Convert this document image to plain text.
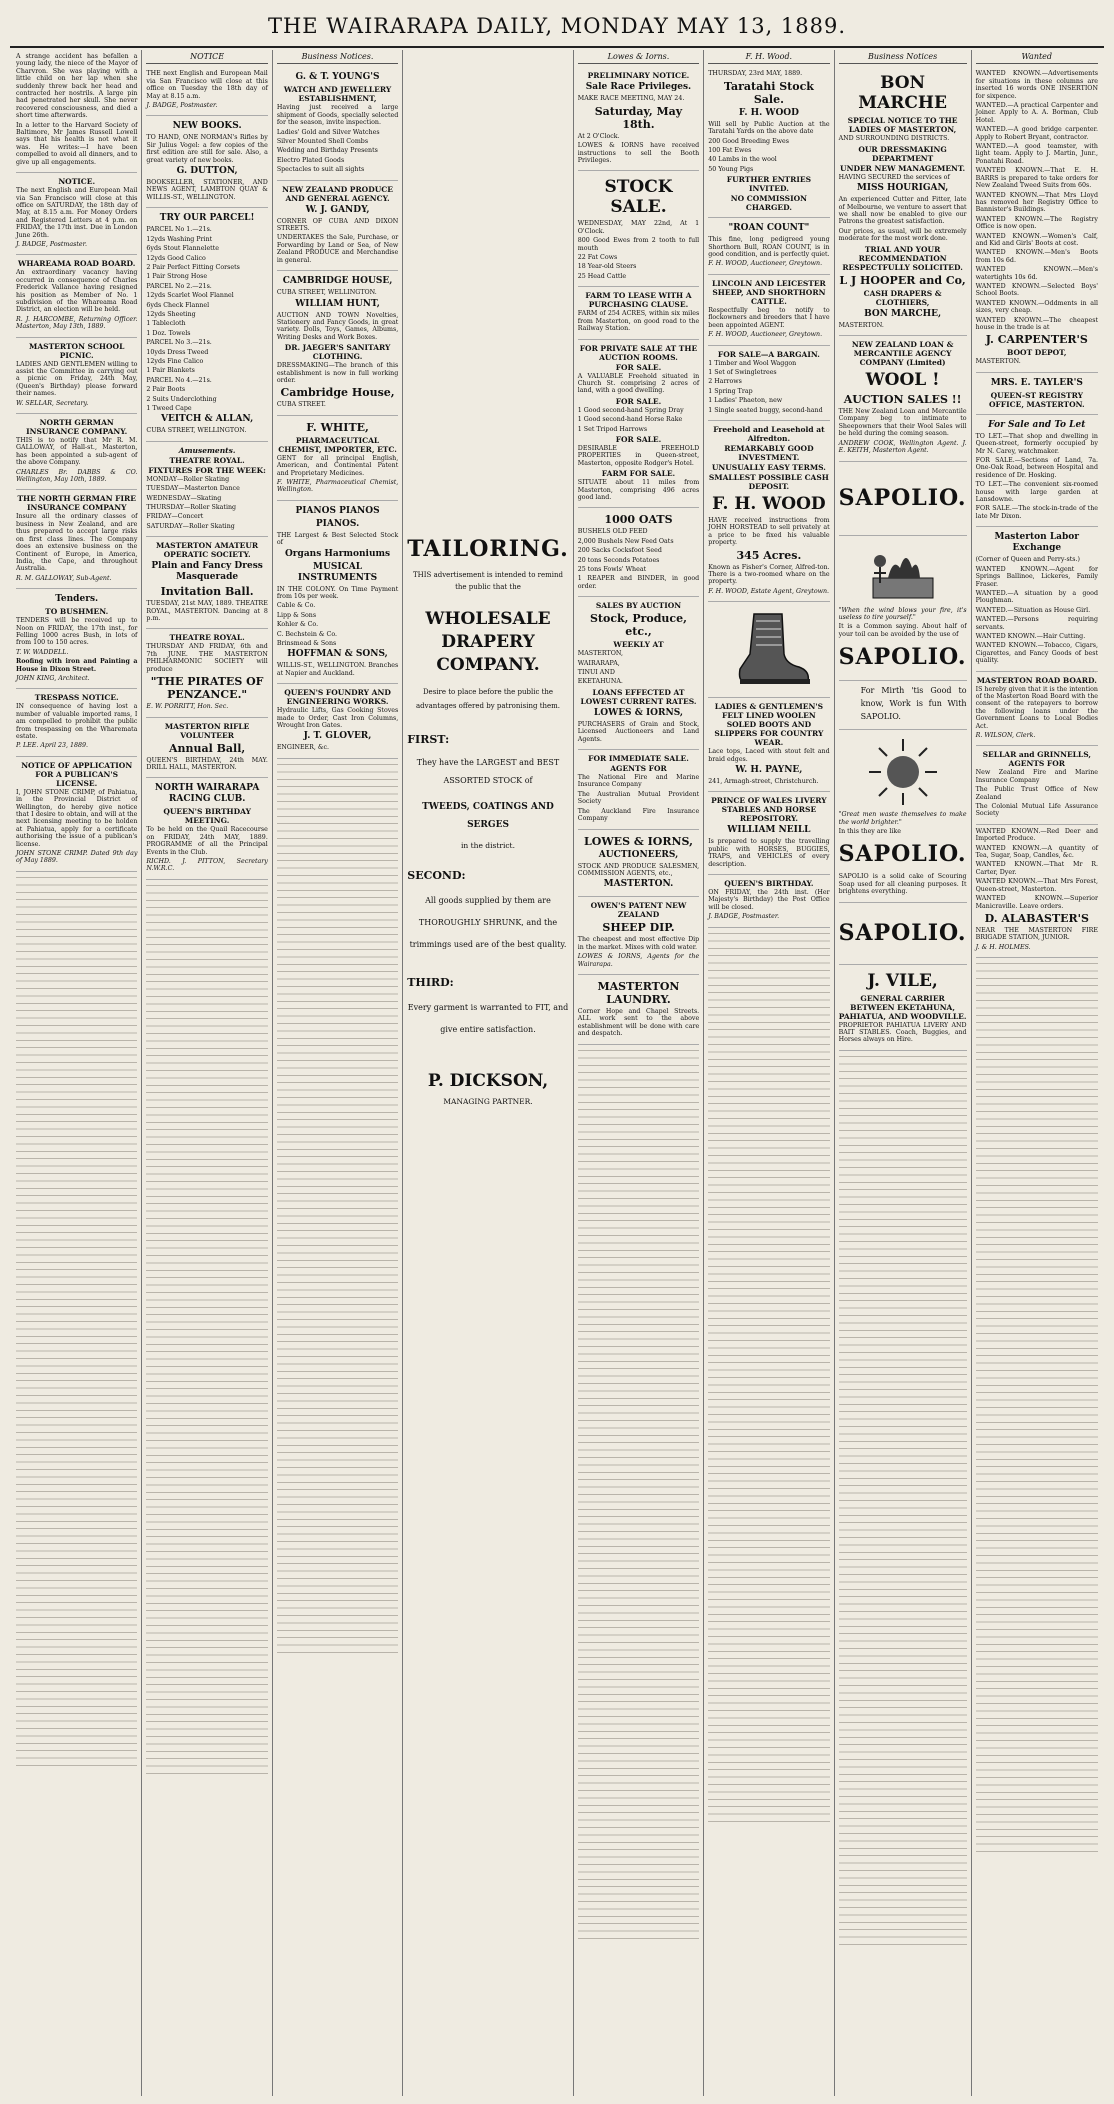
THE WAIRARAPA DAILY, MONDAY MAY 13, 1889.

A strange accident has befallen a young lady, the niece of the Mayor of Charvron. She was playing with a little child on her lap when she suddenly threw back her head and contracted her nostrils. A large pin had penetrated her skull. She never recovered consciousness, and died a short time afterwards.

In a letter to the Harvard Society of Baltimore, Mr James Russell Lowell says that his health is not what it was. He writes:—I have been compelled to avoid all dinners, and to give up all engagements.

NOTICE.

The next English and European Mail via San Francisco will close at this office on SATURDAY, the 18th day of May, at 8.15 a.m. For Money Orders and Registered Letters at 4 p.m. on FRIDAY, the 17th inst. Due in London June 26th.

J. BADGE, Postmaster.

WHAREAMA ROAD BOARD.

An extraordinary vacancy having occurred in consequence of Charles Frederick Vallance having resigned his position as Member of No. 1 subdivision of the Whareama Road District, an election will be held.

R. J. HARCOMBE, Returning Officer. Masterton, May 13th, 1889.

MASTERTON SCHOOL PICNIC.

LADIES AND GENTLEMEN willing to assist the Committee in carrying out a picnic on Friday, 24th May, (Queen's Birthday) please forward their names.

W. SELLAR, Secretary.

NORTH GERMAN INSURANCE COMPANY.

THIS is to notify that Mr R. M. GALLOWAY, of Hall-st., Masterton, has been appointed a sub-agent of the above Company.

CHARLES Br. DABBS & CO. Wellington, May 10th, 1889.

THE NORTH GERMAN FIRE INSURANCE COMPANY

Insure all the ordinary classes of business in New Zealand, and are thus prepared to accept large risks on first class lines. The Company does an extensive business on the Continent of Europe, in America, India, the Cape, and throughout Australia.

R. M. GALLOWAY, Sub-Agent.

Tenders.
TO BUSHMEN.

TENDERS will be received up to Noon on FRIDAY, the 17th inst., for Felling 1000 acres Bush, in lots of from 100 to 150 acres.

T. W. WADDELL.

Roofing with iron and Painting a House in Dixon Street.

JOHN KING, Architect.

TRESPASS NOTICE.

IN consequence of having lost a number of valuable imported rams, I am compelled to prohibit the public from trespassing on the Wharemata estate.

P. LEE. April 23, 1889.

NOTICE OF APPLICATION FOR A PUBLICAN'S LICENSE.

I, JOHN STONE CRIMP, of Pahiatua, in the Provincial District of Wellington, do hereby give notice that I desire to obtain, and will at the next licensing meeting to be holden at Pahiatua, apply for a certificate authorising the issue of a publican's license.

JOHN STONE CRIMP. Dated 9th day of May 1889.

NOTICE

THE next English and European Mail via San Francisco will close at this office on Tuesday the 18th day of May at 8.15 a.m.

J. BADGE, Postmaster.

NEW BOOKS.

TO HAND, ONE NORMAN's Rifles by Sir Julius Vogel: a few copies of the first edition are still for sale. Also, a great variety of new books.

G. DUTTON,

BOOKSELLER, STATIONER, AND NEWS AGENT, LAMBTON QUAY & WILLIS-ST., WELLINGTON.

TRY OUR PARCEL!

PARCEL No 1.—21s.

12yds Washing Print

6yds Stout Flannelette

12yds Good Calico

2 Pair Perfect Fitting Corsets

1 Pair Strong Hose

PARCEL No 2.—21s.

12yds Scarlet Wool Flannel

6yds Check Flannel

12yds Sheeting

1 Tablecloth

1 Doz. Towels

PARCEL No 3.—21s.

10yds Dress Tweed

12yds Fine Calico

1 Pair Blankets

PARCEL No 4.—21s.

2 Pair Boots

2 Suits Underclothing

1 Tweed Cape

VEITCH & ALLAN,

CUBA STREET, WELLINGTON.

Amusements.
THEATRE ROYAL.
FIXTURES FOR THE WEEK:

MONDAY—Roller Skating

TUESDAY—Masterton Dance

WEDNESDAY—Skating

THURSDAY—Roller Skating

FRIDAY—Concert

SATURDAY—Roller Skating

MASTERTON AMATEUR OPERATIC SOCIETY.
Plain and Fancy Dress Masquerade
Invitation Ball.

TUESDAY, 21st MAY, 1889. THEATRE ROYAL, MASTERTON. Dancing at 8 p.m.

THEATRE ROYAL.

THURSDAY AND FRIDAY, 6th and 7th JUNE. THE MASTERTON PHILHARMONIC SOCIETY will produce

"THE PIRATES OF PENZANCE."

E. W. PORRITT, Hon. Sec.

MASTERTON RIFLE VOLUNTEER
Annual Ball,

QUEEN'S BIRTHDAY, 24th MAY. DRILL HALL, MASTERTON.

NORTH WAIRARAPA RACING CLUB.
QUEEN'S BIRTHDAY MEETING.

To be held on the Quail Racecourse on FRIDAY, 24th MAY, 1889. PROGRAMME of all the Principal Events in the Club.

RICHD. J. PITTON, Secretary N.W.R.C.

Business Notices.
G. & T. YOUNG'S
WATCH AND JEWELLERY ESTABLISHMENT,

Having just received a large shipment of Goods, specially selected for the season, invite inspection.

Ladies' Gold and Silver Watches

Silver Mounted Shell Combs

Wedding and Birthday Presents

Electro Plated Goods

Spectacles to suit all sights

NEW ZEALAND PRODUCE AND GENERAL AGENCY.
W. J. GANDY,

CORNER OF CUBA AND DIXON STREETS.

UNDERTAKES the Sale, Purchase, or Forwarding by Land or Sea, of New Zealand PRODUCE and Merchandise in general.

CAMBRIDGE HOUSE,

CUBA STREET, WELLINGTON.

WILLIAM HUNT,

AUCTION AND TOWN Novelties, Stationery and Fancy Goods, in great variety. Dolls, Toys, Games, Albums, Writing Desks and Work Boxes.

DR. JAEGER'S SANITARY CLOTHING.

DRESSMAKING—The branch of this establishment is now in full working order.

Cambridge House,

CUBA STREET.

F. WHITE,
PHARMACEUTICAL CHEMIST, IMPORTER, ETC.

GENT for all principal English, American, and Continental Patent and Proprietary Medicines.

F. WHITE, Pharmaceutical Chemist, Wellington.

PIANOS PIANOS
PIANOS.

THE Largest & Best Selected Stock of

Organs Harmoniums
MUSICAL INSTRUMENTS

IN THE COLONY. On Time Payment from 10s per week.

Cable & Co.

Lipp & Sons

Kohler & Co.

C. Bechstein & Co.

Brinsmead & Sons

HOFFMAN & SONS,

WILLIS-ST., WELLINGTON. Branches at Napier and Auckland.

QUEEN'S FOUNDRY AND ENGINEERING WORKS.

Hydraulic Lifts, Gas Cooking Stoves made to Order, Cast Iron Columns, Wrought Iron Gates.

J. T. GLOVER,

ENGINEER, &c.

TAILORING.

THIS advertisement is intended to remind the public that the

WHOLESALE
DRAPERY
COMPANY.

Desire to place before the public the advantages offered by patronising them.

FIRST:

They have the LARGEST and BEST ASSORTED STOCK of

TWEEDS, COATINGS AND SERGES

in the district.

SECOND:

All goods supplied by them are THOROUGHLY SHRUNK, and the trimmings used are of the best quality.

THIRD:

Every garment is warranted to FIT, and give entire satisfaction.

P. DICKSON,

MANAGING PARTNER.

Lowes & Iorns.
PRELIMINARY NOTICE.
Sale Race Privileges.

MAKE RACE MEETING, MAY 24.

Saturday, May 18th.

At 2 O'Clock.

LOWES & IORNS have received instructions to sell the Booth Privileges.

STOCK SALE.

WEDNESDAY, MAY 22nd, At 1 O'Clock.

800 Good Ewes from 2 tooth to full mouth

22 Fat Cows

18 Year-old Steers

25 Head Cattle

FARM TO LEASE WITH A PURCHASING CLAUSE.

FARM of 254 ACRES, within six miles from Masterton, on good road to the Railway Station.

FOR PRIVATE SALE AT THE AUCTION ROOMS.
FOR SALE.

A VALUABLE Freehold situated in Church St. comprising 2 acres of land, with a good dwelling.

FOR SALE.

1 Good second-hand Spring Dray

1 Good second-hand Horse Rake

1 Set Tripod Harrows

FOR SALE.

DESIRABLE FREEHOLD PROPERTIES in Queen-street, Masterton, opposite Rodger's Hotel.

FARM FOR SALE.

SITUATE about 11 miles from Masterton, comprising 496 acres good land.

1000 OATS

BUSHELS OLD FEED

2,000 Bushels New Feed Oats

200 Sacks Cocksfoot Seed

20 tons Seconds Potatoes

25 tons Fowls' Wheat

1 REAPER and BINDER, in good order.

SALES BY AUCTION
Stock, Produce, etc.,
WEEKLY AT

MASTERTON,

WAIRARAPA,

TINUI AND

EKETAHUNA.

LOANS EFFECTED AT LOWEST CURRENT RATES.
LOWES & IORNS,

PURCHASERS of Grain and Stock, Licensed Auctioneers and Land Agents.

FOR IMMEDIATE SALE.
AGENTS FOR

The National Fire and Marine Insurance Company

The Australian Mutual Provident Society

The Auckland Fire Insurance Company

LOWES & IORNS,
AUCTIONEERS,

STOCK AND PRODUCE SALESMEN, COMMISSION AGENTS, etc.,

MASTERTON.
OWEN'S PATENT NEW ZEALAND
SHEEP DIP.

The cheapest and most effective Dip in the market. Mixes with cold water.

LOWES & IORNS, Agents for the Wairarapa.

MASTERTON LAUNDRY.

Corner Hope and Chapel Streets. ALL work sent to the above establishment will be done with care and despatch.

F. H. Wood.

THURSDAY, 23rd MAY, 1889.

Taratahi Stock Sale.
F. H. WOOD

Will sell by Public Auction at the Taratahi Yards on the above date

200 Good Breeding Ewes

100 Fat Ewes

40 Lambs in the wool

50 Young Pigs

FURTHER ENTRIES INVITED.
NO COMMISSION CHARGED.
"ROAN COUNT"

This fine, long pedigreed young Shorthorn Bull, ROAN COUNT, is in good condition, and is perfectly quiet.

F. H. WOOD, Auctioneer, Greytown.

LINCOLN AND LEICESTER SHEEP, AND SHORTHORN CATTLE.

Respectfully beg to notify to flockowners and breeders that I have been appointed AGENT.

F. H. WOOD, Auctioneer, Greytown.

FOR SALE—A BARGAIN.

1 Timber and Wool Waggon

1 Set of Swingletrees

2 Harrows

1 Spring Trap

1 Ladies' Phaeton, new

1 Single seated buggy, second-hand

Freehold and Leasehold at Alfredton.
REMARKABLY GOOD INVESTMENT.
UNUSUALLY EASY TERMS.
SMALLEST POSSIBLE CASH DEPOSIT.
F. H. WOOD

HAVE received instructions from JOHN HORSTEAD to sell privately at a price to be fixed his valuable property.

345 Acres.

Known as Fisher's Corner, Alfred-ton. There is a two-roomed whare on the property.

F. H. WOOD, Estate Agent, Greytown.

LADIES & GENTLEMEN'S FELT LINED WOOLEN SOLED BOOTS AND SLIPPERS FOR COUNTRY WEAR.

Lace tops, Laced with stout felt and braid edges.

W. H. PAYNE,

241, Armagh-street, Christchurch.

PRINCE OF WALES LIVERY STABLES AND HORSE REPOSITORY.
WILLIAM NEILL

Is prepared to supply the travelling public with HORSES, BUGGIES, TRAPS, and VEHICLES of every description.

QUEEN'S BIRTHDAY.

ON FRIDAY, the 24th inst. (Her Majesty's Birthday) the Post Office will be closed.

J. BADGE, Postmaster.

Business Notices
BON MARCHE
SPECIAL NOTICE TO THE LADIES OF MASTERTON,

AND SURROUNDING DISTRICTS.

OUR DRESSMAKING DEPARTMENT
UNDER NEW MANAGEMENT.

HAVING SECURED the services of

MISS HOURIGAN,

An experienced Cutter and Fitter, late of Melbourne, we venture to assert that we shall now be enabled to give our Patrons the greatest satisfaction.

Our prices, as usual, will be extremely moderate for the most work done.

TRIAL AND YOUR RECOMMENDATION RESPECTFULLY SOLICITED.
L J HOOPER and Co,
CASH DRAPERS & CLOTHIERS,
BON MARCHE,

MASTERTON.

NEW ZEALAND LOAN & MERCANTILE AGENCY COMPANY (Limited)
WOOL !
AUCTION SALES !!

THE New Zealand Loan and Mercantile Company beg to intimate to Sheepowners that their Wool Sales will be held during the coming season.

ANDREW COOK, Wellington Agent. J. E. KEITH, Masterton Agent.

SAPOLIO.

"When the wind blows your fire, it's useless to tire yourself."

It is a Common saying. About half of your toil can be avoided by the use of

SAPOLIO.

For Mirth 'tis Good to know, Work is fun With SAPOLIO.

"Great men waste themselves to make the world brighter."

In this they are like

SAPOLIO.

SAPOLIO is a solid cake of Scouring Soap used for all cleaning purposes. It brightens everything.

SAPOLIO.
J. VILE,
GENERAL CARRIER BETWEEN EKETAHUNA, PAHIATUA, AND WOODVILLE.

PROPRIETOR PAHIATUA LIVERY AND BAIT STABLES. Coach, Buggies, and Horses always on Hire.

Wanted

WANTED KNOWN.—Advertisements for situations in these columns are inserted 16 words ONE INSERTION for sixpence.

WANTED.—A practical Carpenter and Joiner. Apply to A. A. Borman, Club Hotel.

WANTED.—A good bridge carpenter. Apply to Robert Bryant, contractor.

WANTED.—A good teamster, with light team. Apply to J. Martin, Junr., Ponatahi Road.

WANTED KNOWN.—That E. H. BARRS is prepared to take orders for New Zealand Tweed Suits from 60s.

WANTED KNOWN.—That Mrs Lloyd has removed her Registry Office to Bannister's Buildings.

WANTED KNOWN.—The Registry Office is now open.

WANTED KNOWN.—Women's Calf, and Kid and Girls' Boots at cost.

WANTED KNOWN.—Men's Boots from 10s 6d.

WANTED KNOWN.—Men's watertights 10s 6d.

WANTED KNOWN.—Selected Boys' School Boots.

WANTED KNOWN.—Oddments in all sizes, very cheap.

WANTED KNOWN.—The cheapest house in the trade is at

J. CARPENTER'S
BOOT DEPOT,

MASTERTON.

MRS. E. TAYLER'S
QUEEN-ST REGISTRY OFFICE, MASTERTON.
For Sale and To Let

TO LET.—That shop and dwelling in Queen-street, formerly occupied by Mr N. Carey, watchmaker.

FOR SALE.—Sections of Land, 7a. One-Oak Road, between Hospital and residence of Dr. Hosking.

TO LET.—The convenient six-roomed house with large garden at Lansdowne.

FOR SALE.—The stock-in-trade of the late Mr Dixon.

Masterton Labor Exchange

(Corner of Queen and Perry-sts.)

WANTED KNOWN.—Agent for Springs Ballinoe, Lickeres, Family Fraser.

WANTED.—A situation by a good Ploughman.

WANTED.—Situation as House Girl.

WANTED.—Persons requiring servants.

WANTED KNOWN.—Hair Cutting.

WANTED KNOWN.—Tobacco, Cigars, Cigarettes, and Fancy Goods of best quality.

MASTERTON ROAD BOARD.

IS hereby given that it is the intention of the Masterton Road Board with the consent of the ratepayers to borrow the following loans under the Government Loans to Local Bodies Act.

R. WILSON, Clerk.

SELLAR and GRINNELLS, AGENTS FOR

New Zealand Fire and Marine Insurance Company

The Public Trust Office of New Zealand

The Colonial Mutual Life Assurance Society

WANTED KNOWN.—Red Deer and Imported Produce.

WANTED KNOWN.—A quantity of Tea, Sugar, Soap, Candles, &c.

WANTED KNOWN.—That Mr R. Carter, Dyer.

WANTED KNOWN.—That Mrs Forest, Queen-street, Masterton.

WANTED KNOWN.—Superior Manicraville. Leave orders.

D. ALABASTER'S

NEAR THE MASTERTON FIRE BRIGADE STATION, JUNIOR.

J. & H. HOLMES.
